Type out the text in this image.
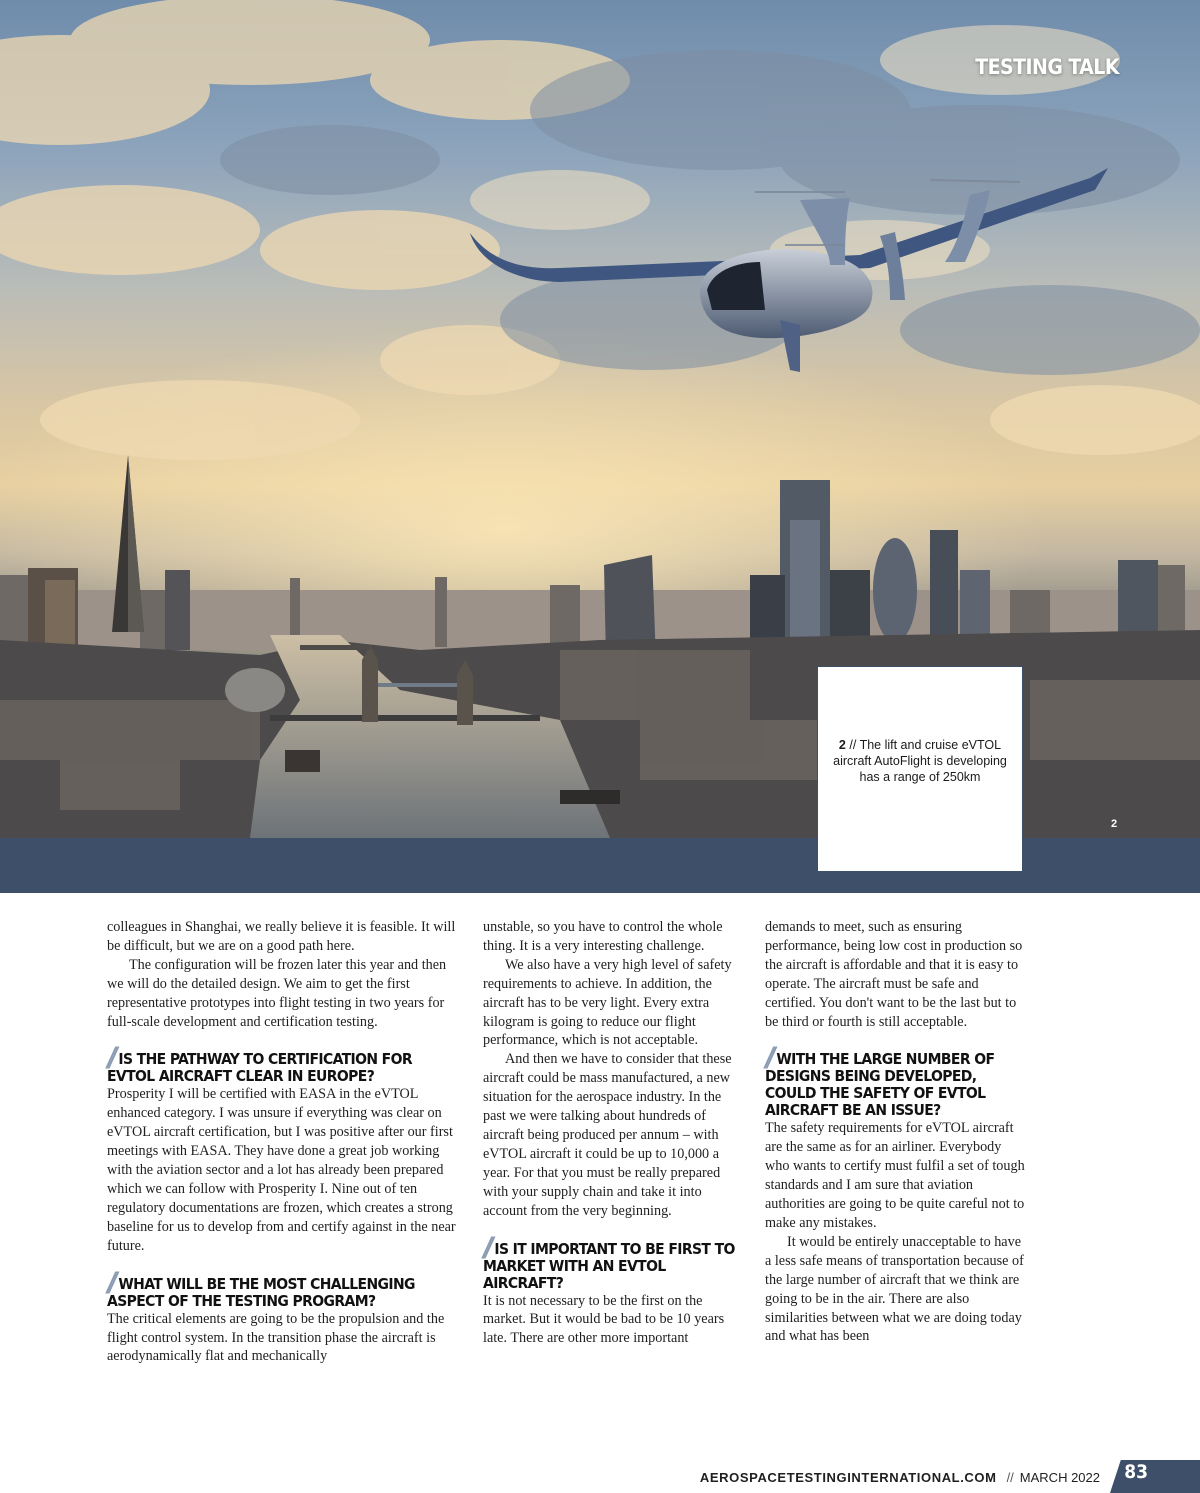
TESTING TALK
2 // The lift and cruise eVTOL aircraft AutoFlight is developing has a range of 250km
2

colleagues in Shanghai, we really believe it is feasible. It will be difficult, but we are on a good path here.

The configuration will be frozen later this year and then we will do the detailed design. We aim to get the first representative prototypes into flight testing in two years for full-scale development and certification testing.

// IS THE PATHWAY TO CERTIFICATION FOR EVTOL AIRCRAFT CLEAR IN EUROPE?

Prosperity I will be certified with EASA in the eVTOL enhanced category. I was unsure if everything was clear on eVTOL aircraft certification, but I was positive after our first meetings with EASA. They have done a great job working with the aviation sector and a lot has already been prepared which we can follow with Prosperity I. Nine out of ten regulatory documentations are frozen, which creates a strong baseline for us to develop from and certify against in the near future.

// WHAT WILL BE THE MOST CHALLENGING ASPECT OF THE TESTING PROGRAM?

The critical elements are going to be the propulsion and the flight control system. In the transition phase the aircraft is aerodynamically flat and mechanically

unstable, so you have to control the whole thing. It is a very interesting challenge.

We also have a very high level of safety requirements to achieve. In addition, the aircraft has to be very light. Every extra kilogram is going to reduce our flight performance, which is not acceptable.

And then we have to consider that these aircraft could be mass manufactured, a new situation for the aerospace industry. In the past we were talking about hundreds of aircraft being produced per annum – with eVTOL aircraft it could be up to 10,000 a year. For that you must be really prepared with your supply chain and take it into account from the very beginning.

// IS IT IMPORTANT TO BE FIRST TO MARKET WITH AN EVTOL AIRCRAFT?

It is not necessary to be the first on the market. But it would be bad to be 10 years late. There are other more important

demands to meet, such as ensuring performance, being low cost in production so the aircraft is affordable and that it is easy to operate. The aircraft must be safe and certified. You don't want to be the last but to be third or fourth is still acceptable.

// WITH THE LARGE NUMBER OF DESIGNS BEING DEVELOPED, COULD THE SAFETY OF EVTOL AIRCRAFT BE AN ISSUE?

The safety requirements for eVTOL aircraft are the same as for an airliner. Everybody who wants to certify must fulfil a set of tough standards and I am sure that aviation authorities are going to be quite careful not to make any mistakes.

It would be entirely unacceptable to have a less safe means of transportation because of the large number of aircraft that we think are going to be in the air. There are also similarities between what we are doing today and what has been

AEROSPACETESTINGINTERNATIONAL.COM // MARCH 2022 83
